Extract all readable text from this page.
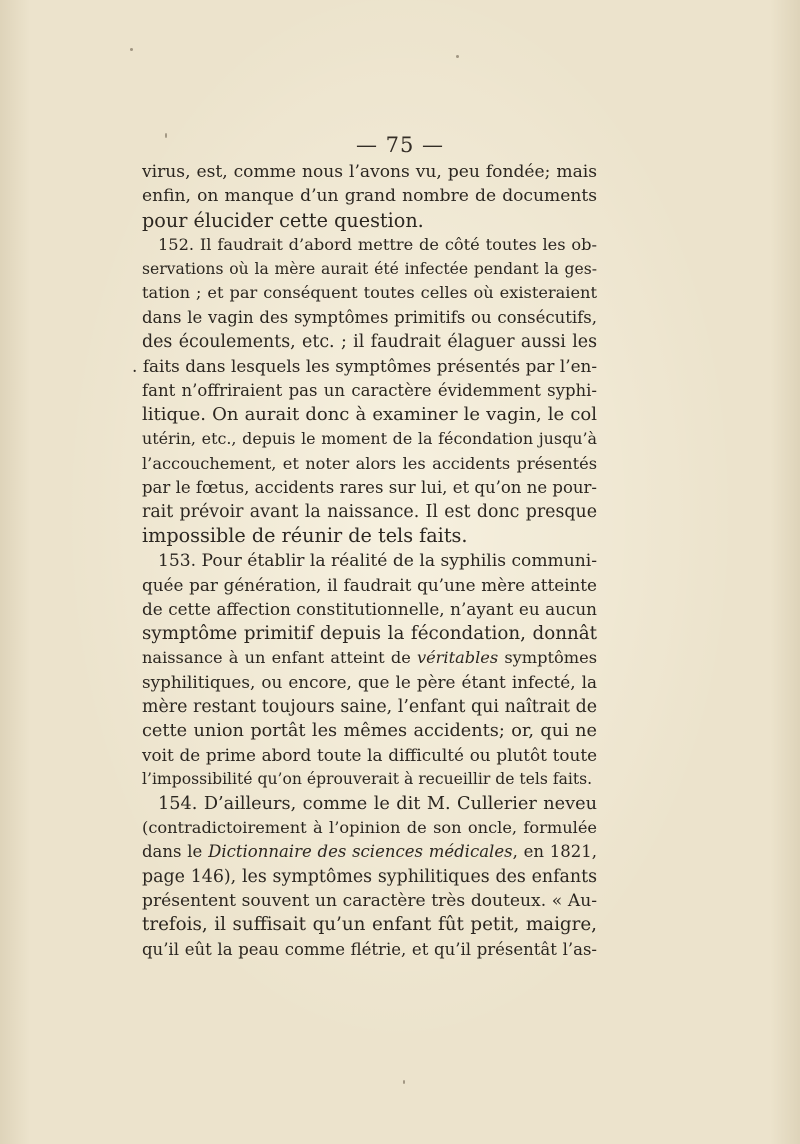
— 75 —
virus, est, comme nous l’avons vu, peu fondée; mais
enfin, on manque d’un grand nombre de documents
pour élucider cette question.
152. Il faudrait d’abord mettre de côté toutes les ob-
servations où la mère aurait été infectée pendant la ges-
tation ; et par conséquent toutes celles où existeraient
dans le vagin des symptômes primitifs ou consécutifs,
des écoulements, etc. ; il faudrait élaguer aussi les
. faits dans lesquels les symptômes présentés par l’en-
fant n’offriraient pas un caractère évidemment syphi-
litique. On aurait donc à examiner le vagin, le col
utérin, etc., depuis le moment de la fécondation jusqu’à
l’accouchement, et noter alors les accidents présentés
par le fœtus, accidents rares sur lui, et qu’on ne pour-
rait prévoir avant la naissance. Il est donc presque
impossible de réunir de tels faits.
153. Pour établir la réalité de la syphilis communi-
quée par génération, il faudrait qu’une mère atteinte
de cette affection constitutionnelle, n’ayant eu aucun
symptôme primitif depuis la fécondation, donnât
naissance à un enfant atteint de véritables symptômes
syphilitiques, ou encore, que le père étant infecté, la
mère restant toujours saine, l’enfant qui naîtrait de
cette union portât les mêmes accidents; or, qui ne
voit de prime abord toute la difficulté ou plutôt toute
l’impossibilité qu’on éprouverait à recueillir de tels faits.
154. D’ailleurs, comme le dit M. Cullerier neveu
(contradictoirement à l’opinion de son oncle, formulée
dans le Dictionnaire des sciences médicales, en 1821,
page 146), les symptômes syphilitiques des enfants
présentent souvent un caractère très douteux. « Au-
trefois, il suffisait qu’un enfant fût petit, maigre,
qu’il eût la peau comme flétrie, et qu’il présentât l’as-
